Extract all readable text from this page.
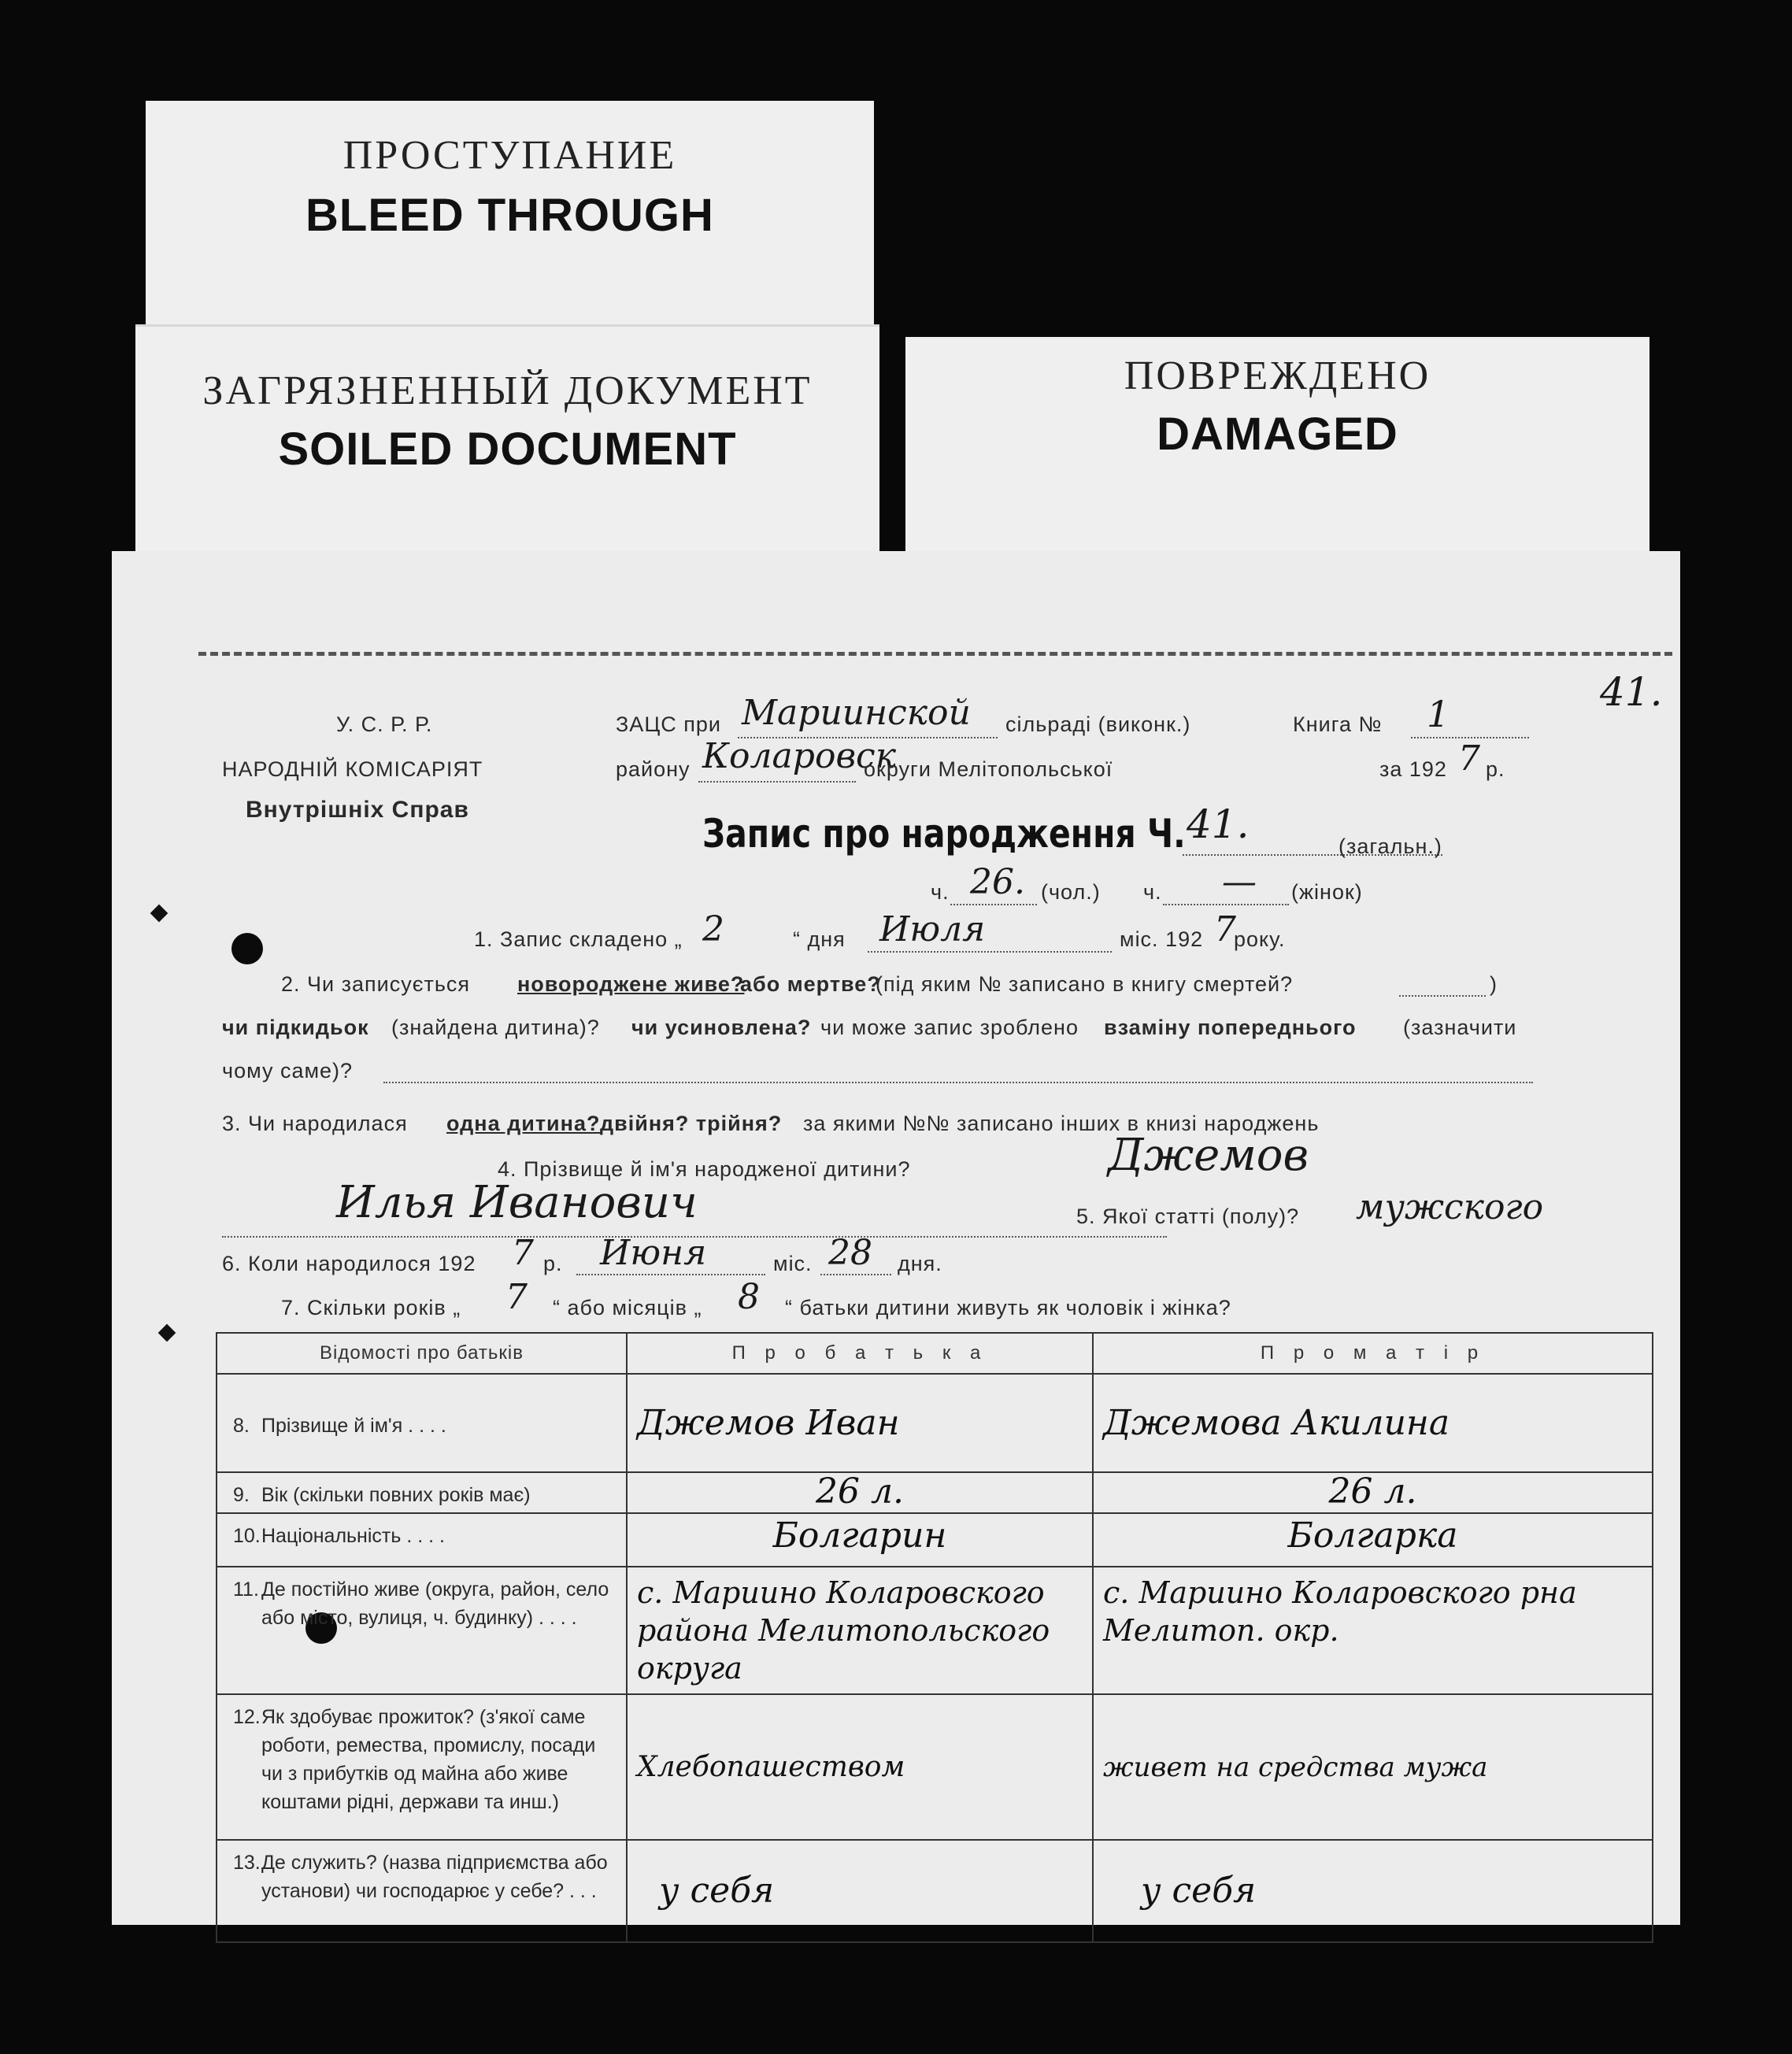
ПРОСТУПАНИЕ
BLEED THROUGH
ЗАГРЯЗНЕННЫЙ ДОКУМЕНТ
SOILED DOCUMENT
ПОВРЕЖДЕНО
DAMAGED
У. С. Р. Р.
НАРОДНІЙ КОМІСАРІЯТ
Внутрішніх Справ
ЗАЦС при Мариинской сільраді (виконк.)
району Коларовск
округи Мелітопольської
Книга № 1
за 192 7 р.
41.
Запис про народження Ч. 41.	(загальн.)
ч. 26. (чол.) ч. — (жінок)
1. Запис складено „ 2	“ дня Июля	міс. 192 7
року.
2. Чи записується новороджене живе?
або мертве?
(під яким № записано в книгу смертей?	)
чи підкидьок (знайдена дитина)? чи усиновлена? чи може запис зроблено взаміну попереднього (зазначити
чому саме)?
3. Чи народилася одна дитина? двійня? трійня? за якими №№ записано інших в книзі народжень
4. Прізвище й ім'я народженої дитини?	Джемов
Илья Иванович	5. Якої статті (полу)? мужского
6. Коли народилося 192 7 р. Июня	міс. 28 дня.
7. Скільки років „ 7 “ або місяців „ 8 “ батьки дитини живуть як чоловік і жінка?
Відомості про батьків	П р о б а т ь к а	П р о м а т і р

8. Прізвище й ім'я . . . .	Джемов Иван	Джемова Акилина

9. Вік (скільки повних років має)	26 л.	26 л.

10. Національність . . . .	Болгарин	Болгарка

11. Де постійно живе (округа, район, село або місто, вулиця, ч. будинку) . . . .	с. Мариино Коларовского района Мелитопольского округа	с. Мариино Коларовского рна Мелитоп. окр.

12. Як здобуває прожиток? (з'якої саме роботи, ремества, промислу, посади чи з прибутків од майна або живе коштами рідні, держави та инш.)	Хлебопашеством	живет на средства мужа

13. Де служить? (назва підприємства або установи) чи господарює у себе? . . .	у себя	у себя
